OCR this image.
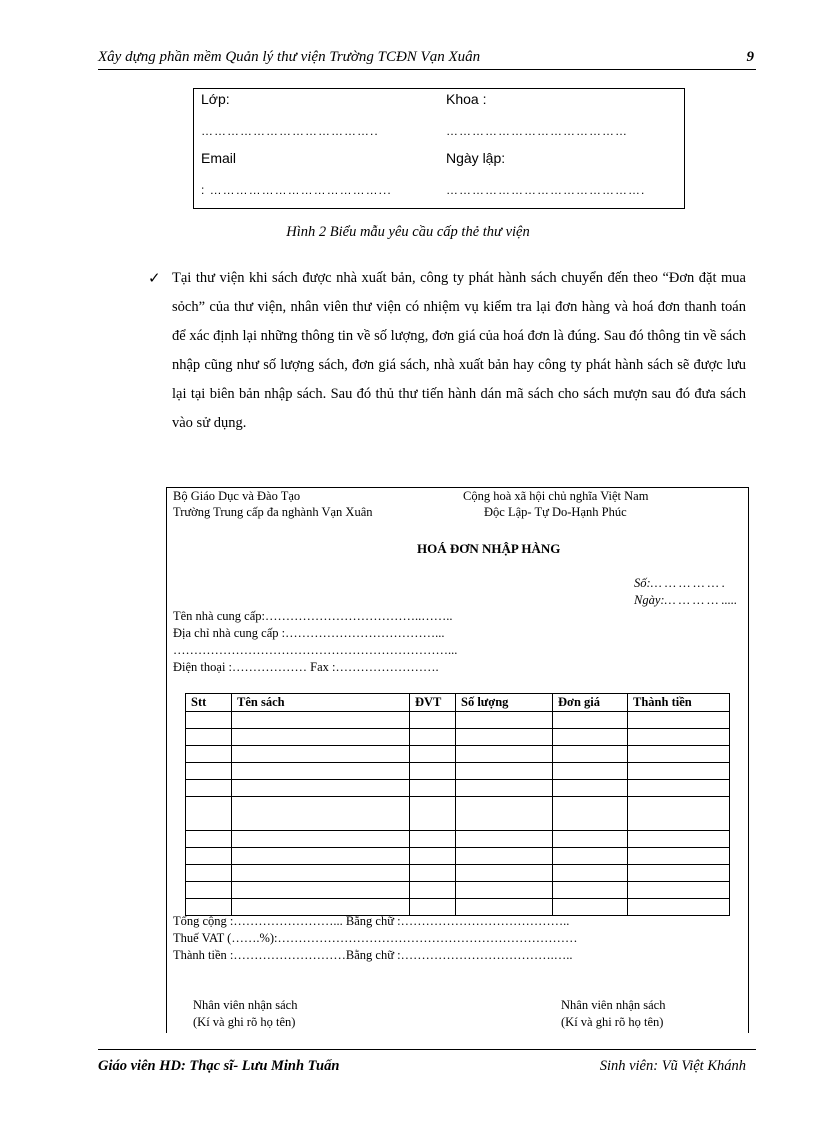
Xây dựng phần mềm Quản lý thư viện Trường TCĐN Vạn Xuân	9
Lớp:	Khoa :
…………………………………..	……………………………………
Email	Ngày lập:
: …………………………………...	……………………………………….
Hình 2 Biểu mẫu yêu cầu cấp thẻ thư viện
✓ Tại thư viện khi sách được nhà xuất bản, công ty phát hành sách chuyển đến theo “Đơn đặt mua sỏch” của thư viện, nhân viên thư viện có nhiệm vụ kiểm tra lại đơn hàng và hoá đơn thanh toán để xác định lại những thông tin về số lượng, đơn giá của hoá đơn là đúng. Sau đó thông tin về sách nhập cũng như số lượng sách, đơn giá sách, nhà xuất bản hay công ty phát hành sách sẽ được lưu lại tại biên bản nhập sách. Sau đó thủ thư tiến hành dán mã sách cho sách mượn sau đó đưa sách vào sử dụng.
Bộ Giáo Dục và Đào Tạo
Trường Trung cấp đa nghành Vạn Xuân
Cộng hoà xã hội chủ nghĩa Việt Nam
Độc Lập- Tự Do-Hạnh Phúc
HOÁ ĐƠN NHẬP HÀNG
Số:… … … … … .
Ngày:… … … … .....
Tên nhà cung cấp:………………………………..……..
Địa chỉ nhà cung cấp :………………………………...
…………………………………………………………...
Điện thoại :……………… Fax :…………………….
Stt	Tên sách	ĐVT	Số lượng	Đơn giá	Thành tiền

Tổng cộng :……………………... Bằng chữ :…………………………………..
Thuế VAT (…….%):………………………………………………………………
Thành tiền :………………………Bằng chữ :……………………………….…..
Nhân viên nhận sách
(Kí và ghi rõ họ tên)
Nhân viên nhận sách
(Kí và ghi rõ họ tên)
Giáo viên HD: Thạc sĩ- Lưu Minh Tuấn	Sinh viên: Vũ Việt Khánh
